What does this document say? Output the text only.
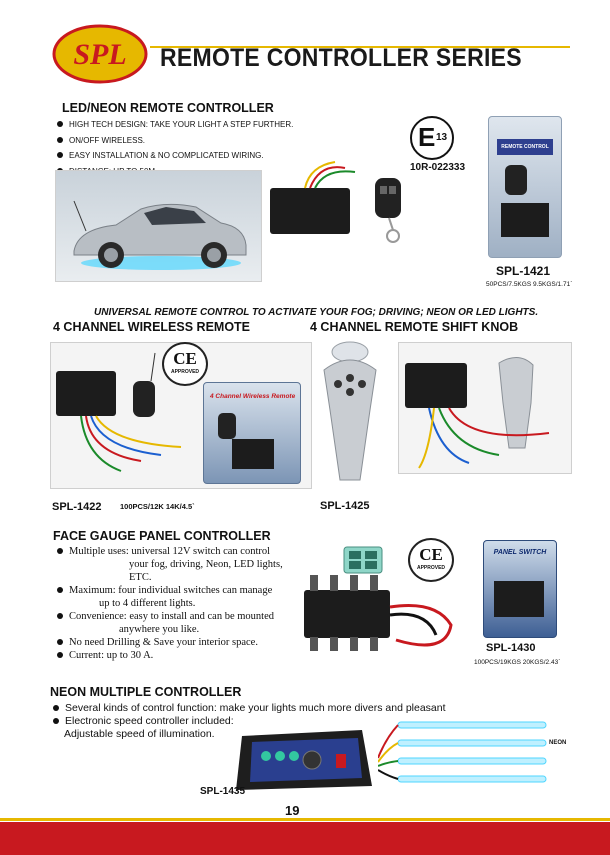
SPL REMOTE CONTROLLER SERIES
LED/NEON REMOTE CONTROLLER
HIGH TECH DESIGN: TAKE YOUR LIGHT A STEP FURTHER.
ON/OFF WIRELESS.
EASY INSTALLATION & NO COMPLICATED WIRING.
E 13
10R-022333
REMOTE CONTROL
SPL-1421
50PCS/7.5KGS 9.5KGS/1.71`
UNIVERSAL REMOTE CONTROL TO ACTIVATE YOUR FOG; DRIVING; NEON OR LED LIGHTS.
4 CHANNEL WIRELESS REMOTE	4 CHANNEL REMOTE SHIFT KNOB
CE
APPROVED
4 Channel Wireless Remote
SPL-1422 100PCS/12K 14K/4.5`	SPL-1425
FACE GAUGE PANEL CONTROLLER
Multiple uses: universal 12V switch can control
your fog, driving, Neon, LED lights,
ETC.
Maximum: four individual switches can manage
up to 4 different lights.
Convenience: easy to install and can be mounted
anywhere you like.
No need Drilling & Save your interior space.
Current: up to 30 A.
CE
APPROVED
PANEL SWITCH
SPL-1430
100PCS/19KGS 20KGS/2.43`
NEON MULTIPLE CONTROLLER
Several kinds of control function: make your lights much more divers and pleasant
Electronic speed controller included:
Adjustable speed of illumination.
NEON
SPL-1435
19
